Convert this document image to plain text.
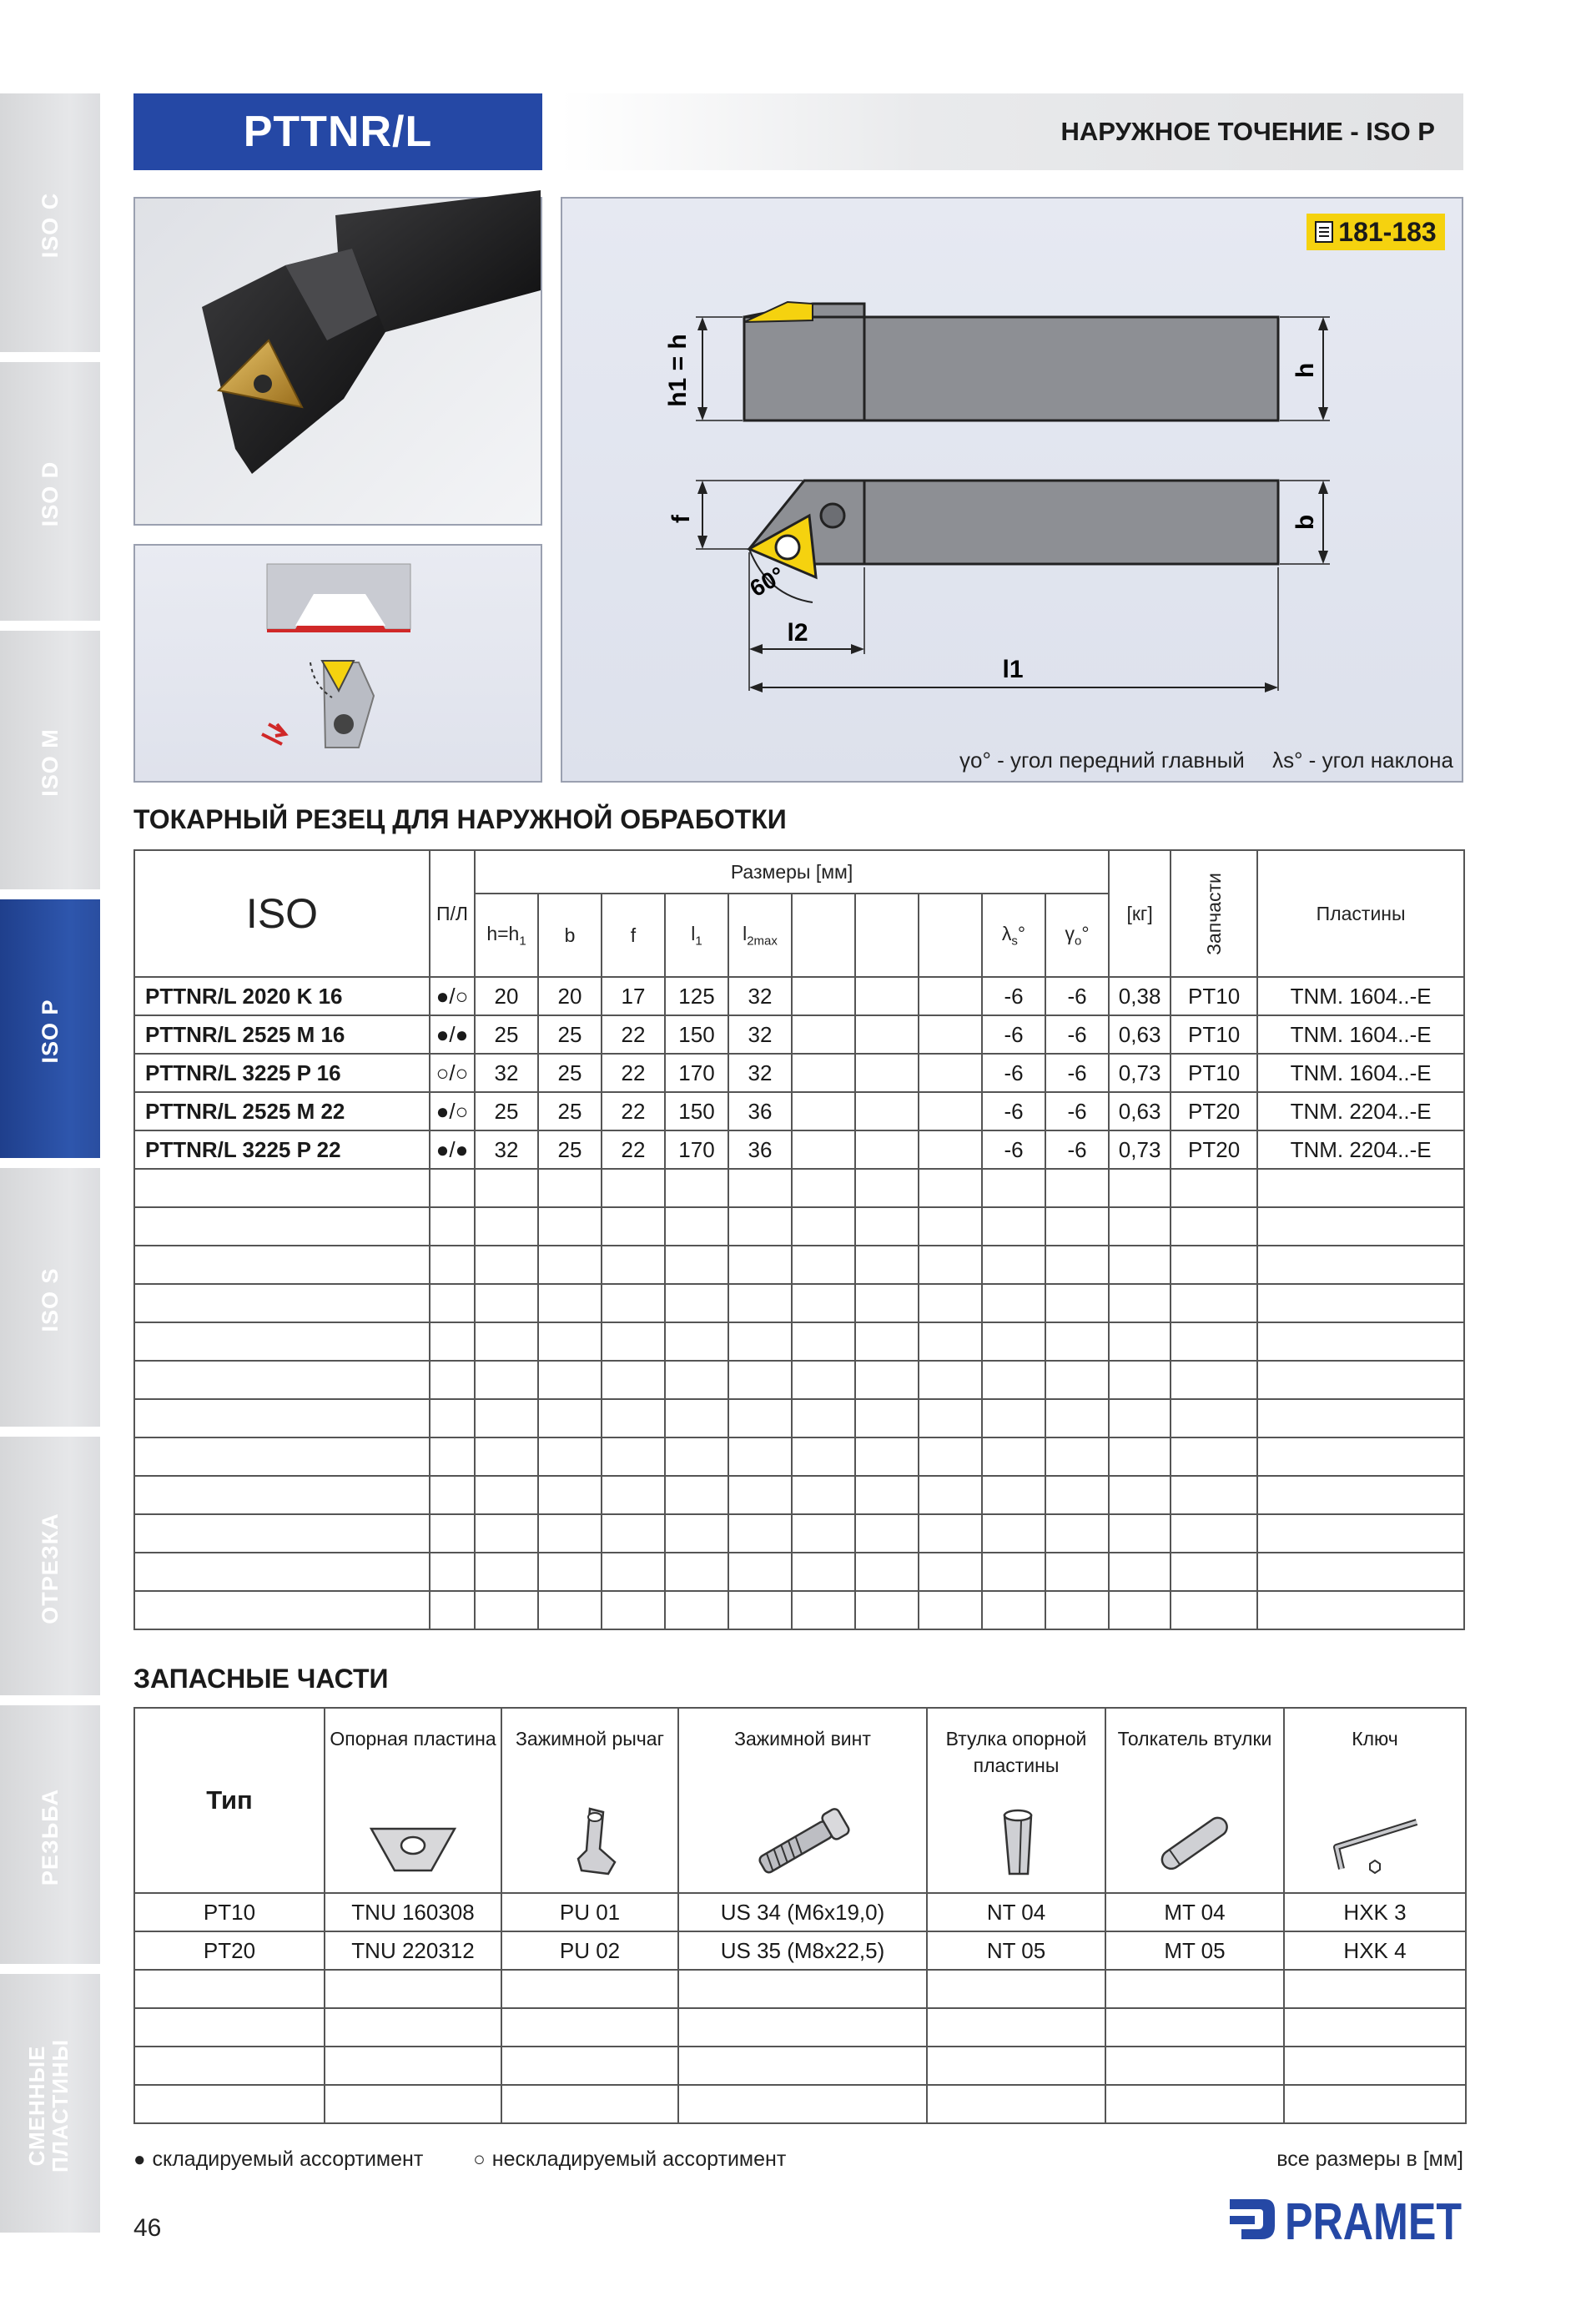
ISO C
ISO D
ISO M
ISO P
ISO S
ОТРЕЗКА
РЕЗЬБА
СМЕННЫЕ ПЛАСТИНЫ
PTTNR/L	НАРУЖНОЕ ТОЧЕНИЕ - ISO P
h1 = h	h
f	b
60°
l2
l1
181-183
γo° - угол передний главный λs° - угол наклона
ТОКАРНЫЙ РЕЗЕЦ ДЛЯ НАРУЖНОЙ ОБРАБОТКИ
ISO	П/Л	Размеры [мм]										[кг]	Запчасти	Пластины
		$h=h_1$	b	f	$l_1$	$l_{2max}$				$\lambda_s^\circ$	$\gamma_o^\circ$			
PTTNR/L 2020 K 16	●/○	20	20	17	125	32				-6	-6	0,38	PT10	TNM. 1604..-E
PTTNR/L 2525 M 16	●/●	25	25	22	150	32				-6	-6	0,63	PT10	TNM. 1604..-E
PTTNR/L 3225 P 16	○/○	32	25	22	170	32				-6	-6	0,73	PT10	TNM. 1604..-E
PTTNR/L 2525 M 22	●/○	25	25	22	150	36				-6	-6	0,63	PT20	TNM. 2204..-E
PTTNR/L 3225 P 22	●/●	32	25	22	170	36				-6	-6	0,73	PT20	TNM. 2204..-E

ЗАПАСНЫЕ ЧАСТИ
Тип	Опорная пластина	Зажимной рычаг	Зажимной винт	Втулка опорной пластины	Толкатель втулки	Ключ

PT10	TNU 160308	PU 01	US 34 (M6x19,0)	NT 04	MT 04	HXK 3
PT20	TNU 220312	PU 02	US 35 (M8x22,5)	NT 05	MT 05	HXK 4

● складируемый ассортимент	○ нескладируемый ассортимент	все размеры в [мм]
46	PRAMET
